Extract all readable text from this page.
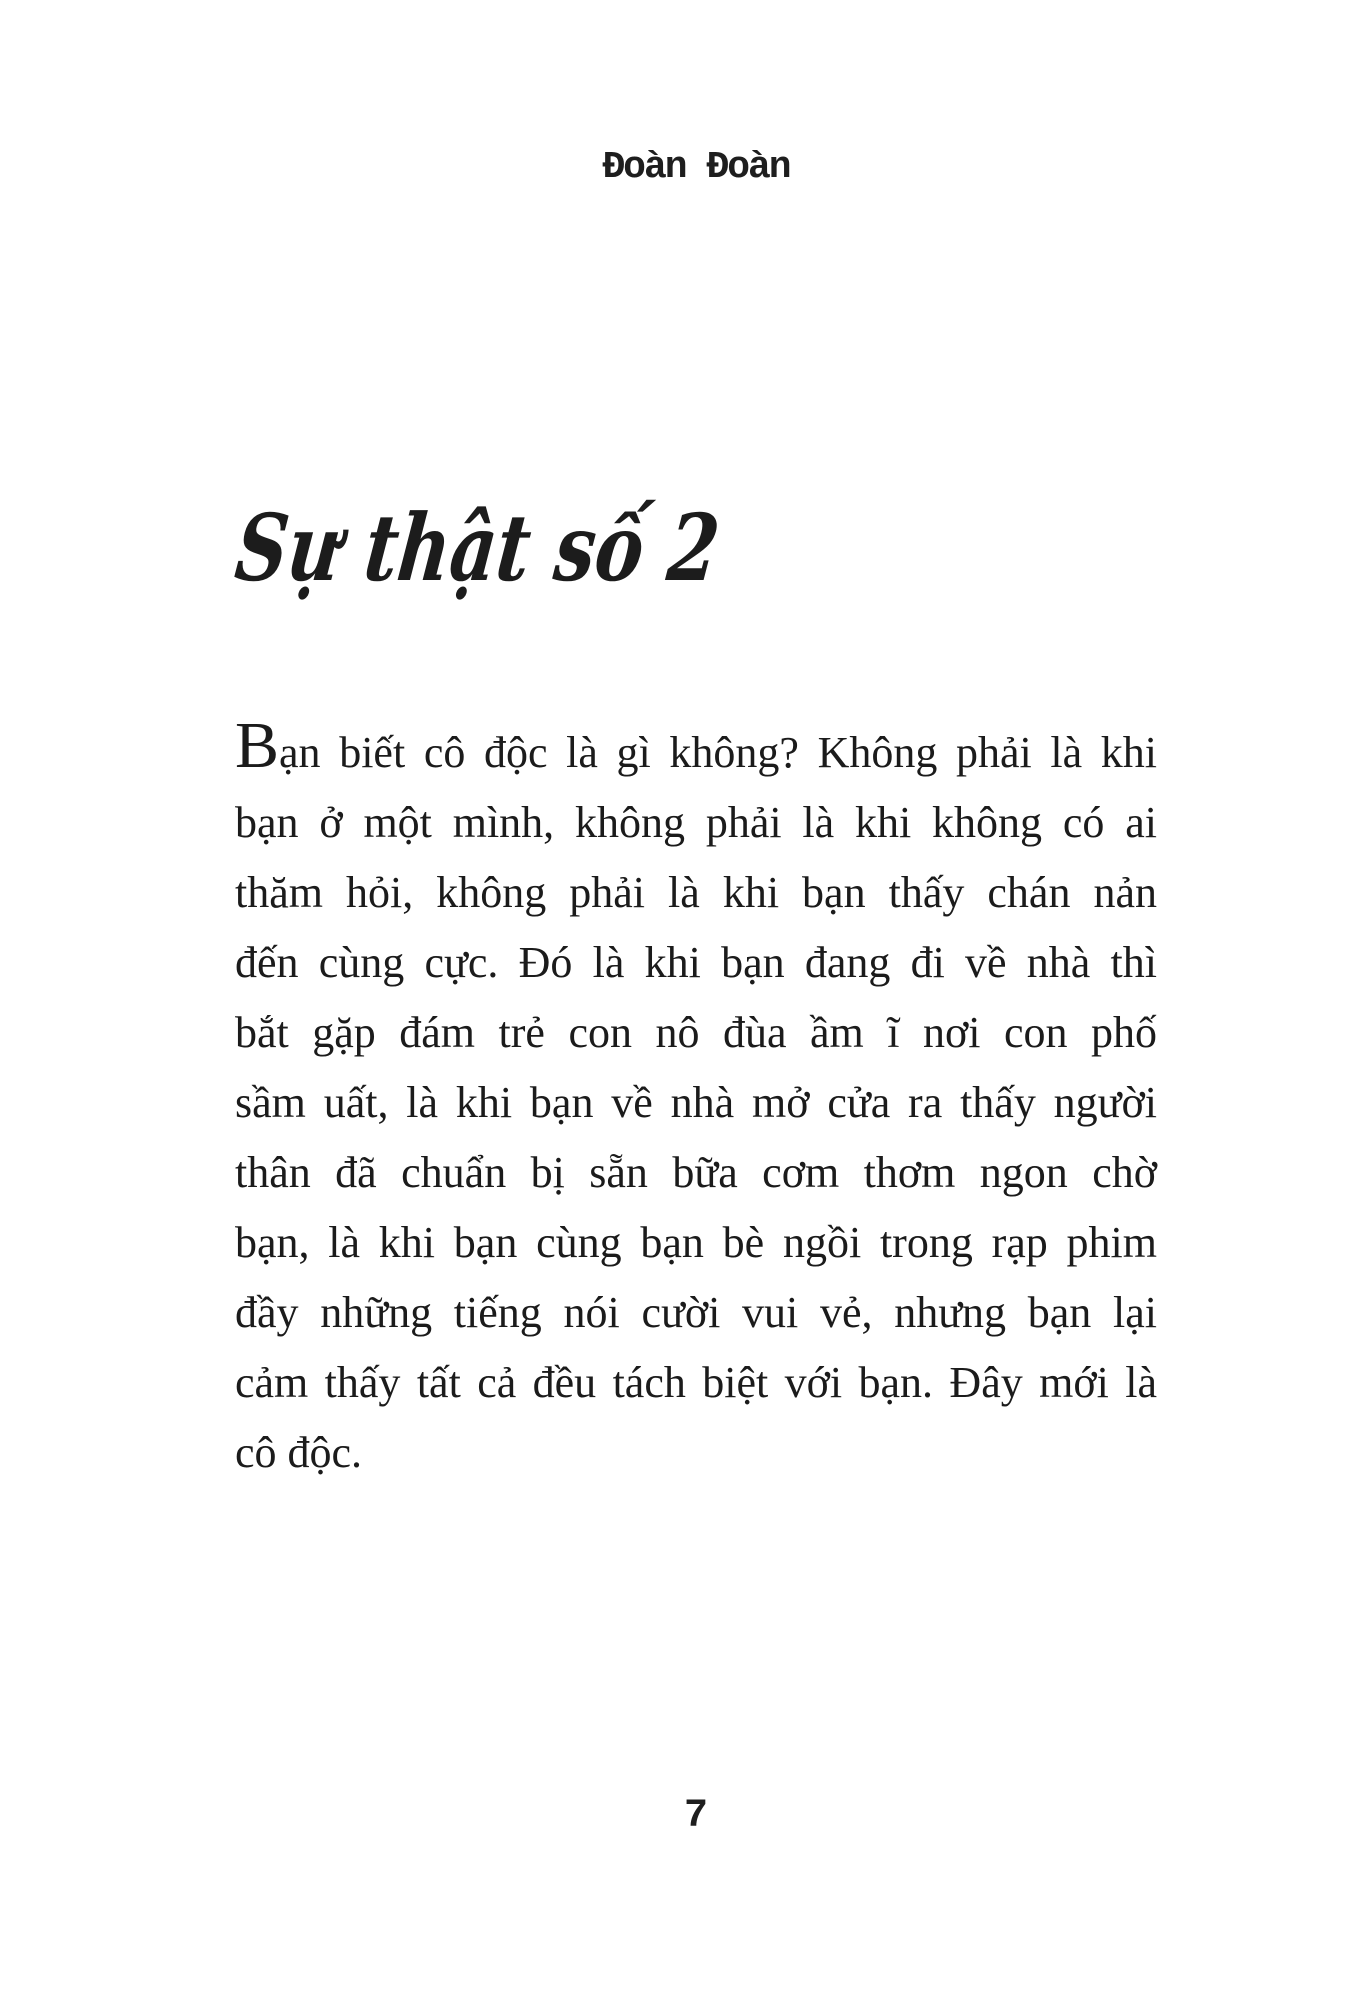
Đoàn Đoàn
Sự thật số 2
Bạn biết cô độc là gì không? Không phải là khi
bạn ở một mình, không phải là khi không có ai
thăm hỏi, không phải là khi bạn thấy chán nản
đến cùng cực. Đó là khi bạn đang đi về nhà thì
bắt gặp đám trẻ con nô đùa ầm ĩ nơi con phố
sầm uất, là khi bạn về nhà mở cửa ra thấy người
thân đã chuẩn bị sẵn bữa cơm thơm ngon chờ
bạn, là khi bạn cùng bạn bè ngồi trong rạp phim
đầy những tiếng nói cười vui vẻ, nhưng bạn lại
cảm thấy tất cả đều tách biệt với bạn. Đây mới là
cô độc.
7
